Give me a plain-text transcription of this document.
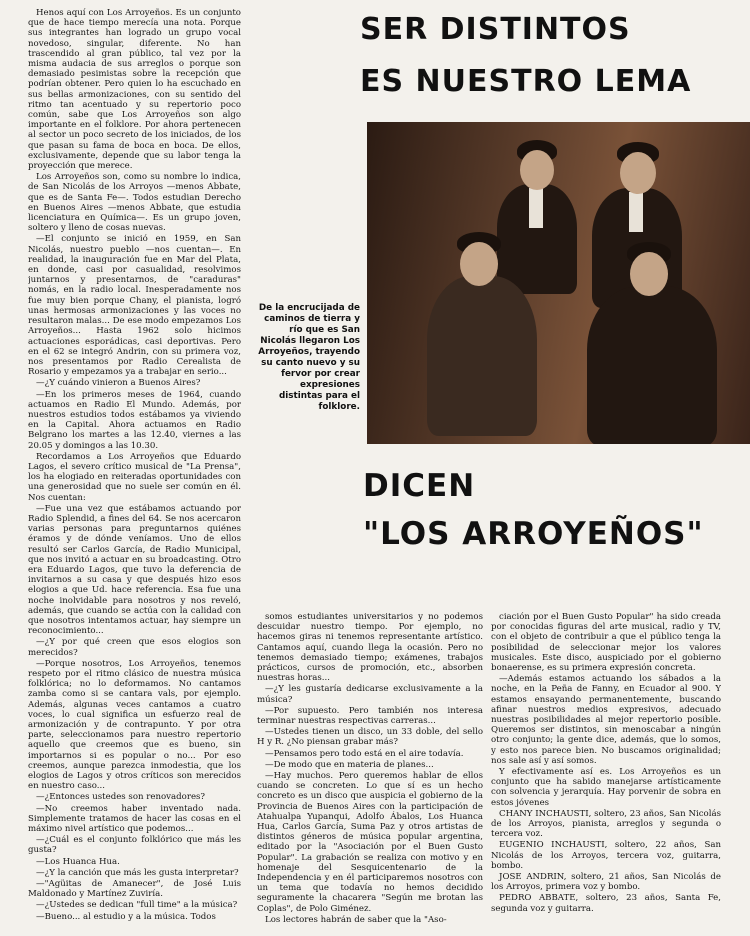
SER DISTINTOS
ES NUESTRO LEMA

Henos aquí con Los Arroyeños. Es un conjunto que de hace tiempo merecía una nota. Porque sus integrantes han logrado un grupo vocal novedoso, singular, diferente. No han trascendido al gran público, tal vez por la misma audacia de sus arreglos o porque son demasiado pesimistas sobre la recepción que podrían obtener. Pero quien lo ha escuchado en sus bellas armonizaciones, con su sentido del ritmo tan acentuado y su repertorio poco común, sabe que Los Arroyeños son algo importante en el folklore. Por ahora pertenecen al sector un poco secreto de los iniciados, de los que pasan su fama de boca en boca. De ellos, exclusivamente, depende que su labor tenga la proyección que merece.

Los Arroyeños son, como su nombre lo indica, de San Nicolás de los Arroyos —menos Abbate, que es de Santa Fe—. Todos estudian Derecho en Buenos Aires —menos Abbate, que estudia licenciatura en Química—. Es un grupo joven, soltero y lleno de cosas nuevas.

—El conjunto se inició en 1959, en San Nicolás, nuestro pueblo —nos cuentan—. En realidad, la inauguración fue en Mar del Plata, en donde, casi por casualidad, resolvimos juntarnos y presentarnos, de "caraduras" nomás, en la radio local. Inesperadamente nos fue muy bien porque Chany, el pianista, logró unas hermosas armonizaciones y las voces no resultaron malas... De ese modo empezamos Los Arroyeños... Hasta 1962 solo hicimos actuaciones esporádicas, casi deportivas. Pero en el 62 se integró Andrin, con su primera voz, nos presentamos por Radio Cerealista de Rosario y empezamos ya a trabajar en serio...

—¿Y cuándo vinieron a Buenos Aires?

—En los primeros meses de 1964, cuando actuamos en Radio El Mundo. Además, por nuestros estudios todos estábamos ya viviendo en la Capital. Ahora actuamos en Radio Belgrano los martes a las 12.40, viernes a las 20.05 y domingos a las 10.30.

Recordamos a Los Arroyeños que Eduardo Lagos, el severo crítico musical de "La Prensa", los ha elogiado en reiteradas oportunidades con una generosidad que no suele ser común en él. Nos cuentan:

—Fue una vez que estábamos actuando por Radio Splendid, a fines del 64. Se nos acercaron varias personas para preguntarnos quiénes éramos y de dónde veníamos. Uno de ellos resultó ser Carlos García, de Radio Municipal, que nos invitó a actuar en su broadcasting. Otro era Eduardo Lagos, que tuvo la deferencia de invitarnos a su casa y que después hizo esos elogios a que Ud. hace referencia. Esa fue una noche inolvidable para nosotros y nos reveló, además, que cuando se actúa con la calidad con que nosotros intentamos actuar, hay siempre un reconocimiento...

—¿Y por qué creen que esos elogios son merecidos?

—Porque nosotros, Los Arroyeños, tenemos respeto por el ritmo clásico de nuestra música folklórica; no lo deformamos. No cantamos zamba como si se cantara vals, por ejemplo. Además, algunas veces cantamos a cuatro voces, lo cual significa un esfuerzo real de armonización y de contrapunto. Y por otra parte, seleccionamos para nuestro repertorio aquello que creemos que es bueno, sin importarnos si es popular o no... Por eso creemos, aunque parezca inmodestia, que los elogios de Lagos y otros críticos son merecidos en nuestro caso...

—¿Entonces ustedes son renovadores?

—No creemos haber inventado nada. Simplemente tratamos de hacer las cosas en el máximo nivel artístico que podemos...

—¿Cuál es el conjunto folklórico que más les gusta?

—Los Huanca Hua.

—¿Y la canción que más les gusta interpretar?

—"Agüitas de Amanecer", de José Luis Maldonado y Martínez Zuviría.

—¿Ustedes se dedican "full time" a la música?

—Bueno... al estudio y a la música. Todos

De la encrucijada de caminos de tierra y río que es San Nicolás llegaron Los Arroyeños, trayendo su canto nuevo y su fervor por crear expresiones distintas para el folklore.
DICEN
"LOS ARROYEÑOS"

somos estudiantes universitarios y no podemos descuidar nuestro tiempo. Por ejemplo, no hacemos giras ni tenemos representante artístico. Cantamos aquí, cuando llega la ocasión. Pero no tenemos demasiado tiempo; exámenes, trabajos prácticos, cursos de promoción, etc., absorben nuestras horas...

—¿Y les gustaría dedicarse exclusivamente a la música?

—Por supuesto. Pero también nos interesa terminar nuestras respectivas carreras...

—Ustedes tienen un disco, un 33 doble, del sello H y R. ¿No piensan grabar más?

—Pensamos pero todo está en el aire todavía.

—De modo que en materia de planes...

—Hay muchos. Pero queremos hablar de ellos cuando se concreten. Lo que sí es un hecho concreto es un disco que auspicia el gobierno de la Provincia de Buenos Aires con la participación de Atahualpa Yupanqui, Adolfo Ábalos, Los Huanca Hua, Carlos García, Suma Paz y otros artistas de distintos géneros de música popular argentina, editado por la "Asociación por el Buen Gusto Popular". La grabación se realiza con motivo y en homenaje del Sesquicentenario de la Independencia y en él participaremos nosotros con un tema que todavía no hemos decidido seguramente la chacarera "Según me brotan las Coplas", de Polo Giménez.

Los lectores habrán de saber que la "Aso-

ciación por el Buen Gusto Popular" ha sido creada por conocidas figuras del arte musical, radio y TV, con el objeto de contribuir a que el público tenga la posibilidad de seleccionar mejor los valores musicales. Este disco, auspiciado por el gobierno bonaerense, es su primera expresión concreta.

—Además estamos actuando los sábados a la noche, en la Peña de Fanny, en Ecuador al 900. Y estamos ensayando permanentemente, buscando afinar nuestros medios expresivos, adecuado nuestras posibilidades al mejor repertorio posible. Queremos ser distintos, sin menoscabar a ningún otro conjunto; la gente dice, además, que lo somos, y esto nos parece bien. No buscamos originalidad; nos sale así y así somos.

Y efectivamente así es. Los Arroyeños es un conjunto que ha sabido manejarse artísticamente con solvencia y jerarquía. Hay porvenir de sobra en estos jóvenes

CHANY INCHAUSTI, soltero, 23 años, San Nicolás de los Arroyos, pianista, arreglos y segunda o tercera voz.

EUGENIO INCHAUSTI, soltero, 22 años, San Nicolás de los Arroyos, tercera voz, guitarra, bombo.

JOSE ANDRIN, soltero, 21 años, San Nicolás de los Arroyos, primera voz y bombo.

PEDRO ABBATE, soltero, 23 años, Santa Fe, segunda voz y guitarra.
